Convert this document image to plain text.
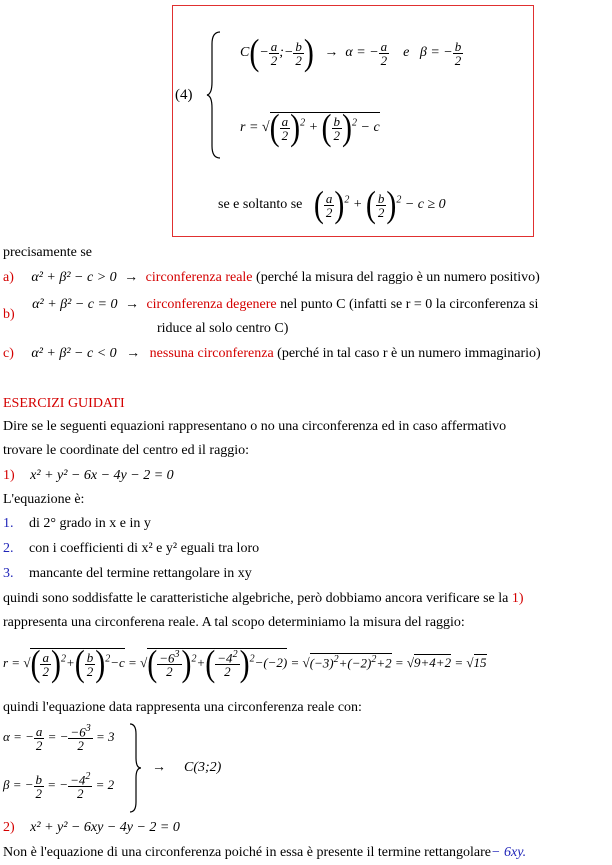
(4)
$C(- \frac{a}{2}$ ;− $\frac{b}{2}$ ) →  α = − $\frac{a}{2}$ e   β = − $\frac{b}{2}$
r = √( $\frac{a}{2} )^2$ + ( $\frac{b}{2} )^2 - c$
se e soltanto se ( $\frac{a}{2} )^2$ + ( $\frac{b}{2} )^2 - c \ge 0$
precisamente se
a) α² + β² − c > 0 → circonferenza reale (perché la misura del raggio è un numero positivo)
b) α² + β² − c = 0 → circonferenza degenere nel punto C (infatti se r = 0 la circonferenza si
riduce al solo centro C)
c) α² + β² − c < 0 → nessuna circonferenza (perché in tal caso r è un numero immaginario)
ESERCIZI GUIDATI
Dire se le seguenti equazioni rappresentano o no una circonferenza ed in caso affermativo
trovare le coordinate del centro ed il raggio:
1) x² + y² − 6x − 4y − 2 = 0
L'equazione è:
1. di 2° grado in x e in y
2. con i coefficienti di x² e y² eguali tra loro
3. mancante del termine rettangolare in xy
quindi sono soddisfatte le caratteristiche algebriche, però dobbiamo ancora verificare se la 1)
rappresenta una circonferena reale. A tal scopo determiniamo la misura del raggio:
r = √( $\frac{a}{2} )^2+( \frac{b}{2} )^2-c$ = √( $\frac{-6^3}{2} )^2+( \frac{-4^2}{2} )^2-(-2) = √(-3)^2+(-2)^2+2 = √9+4+2 = √15$
quindi l'equazione data rappresenta una circonferenza reale con:
α = − $\frac{a}{2}$ = − $\frac{-6^3}{2} = 3$
β = − $\frac{b}{2}$ = − $\frac{-4^2}{2} = 2$
→ C(3;2)
2) x² + y² − 6xy − 4y − 2 = 0
Non è l'equazione di una circonferenza poiché in essa è presente il termine rettangolare− 6xy.
